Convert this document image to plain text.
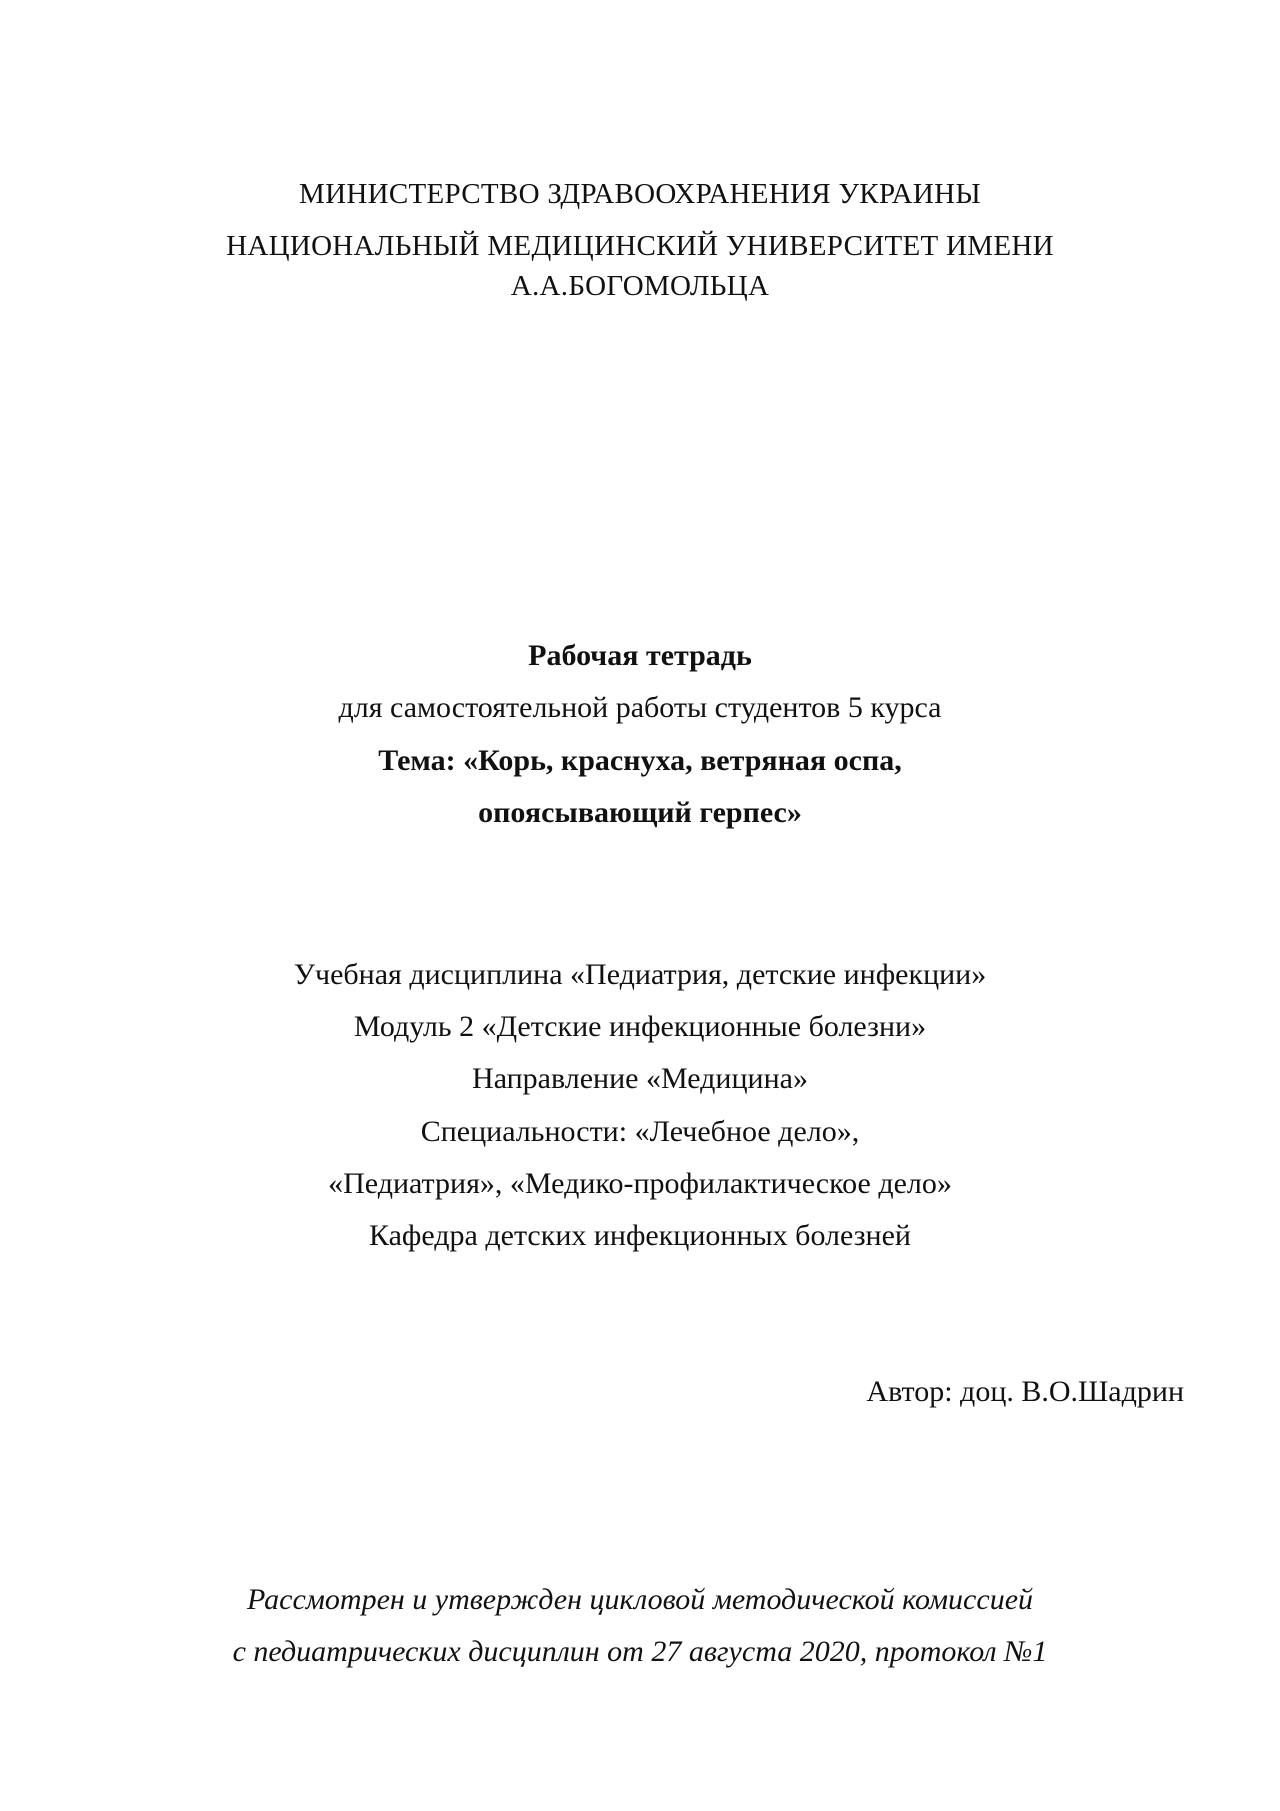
МИНИСТЕРСТВО ЗДРАВООХРАНЕНИЯ УКРАИНЫ
НАЦИОНАЛЬНЫЙ МЕДИЦИНСКИЙ УНИВЕРСИТЕТ ИМЕНИ
А.А.БОГОМОЛЬЦА
Рабочая тетрадь
для самостоятельной работы студентов 5 курса
Тема: «Корь, краснуха, ветряная оспа,
опоясывающий герпес»
Учебная дисциплина «Педиатрия, детские инфекции»
Модуль 2 «Детские инфекционные болезни»
Направление «Медицина»
Специальности: «Лечебное дело»,
«Педиатрия», «Медико-профилактическое дело»
Кафедра детских инфекционных болезней
Автор: доц. В.О.Шадрин
Рассмотрен и утвержден цикловой методической комиссией
с педиатрических дисциплин от 27 августа 2020, протокол №1
